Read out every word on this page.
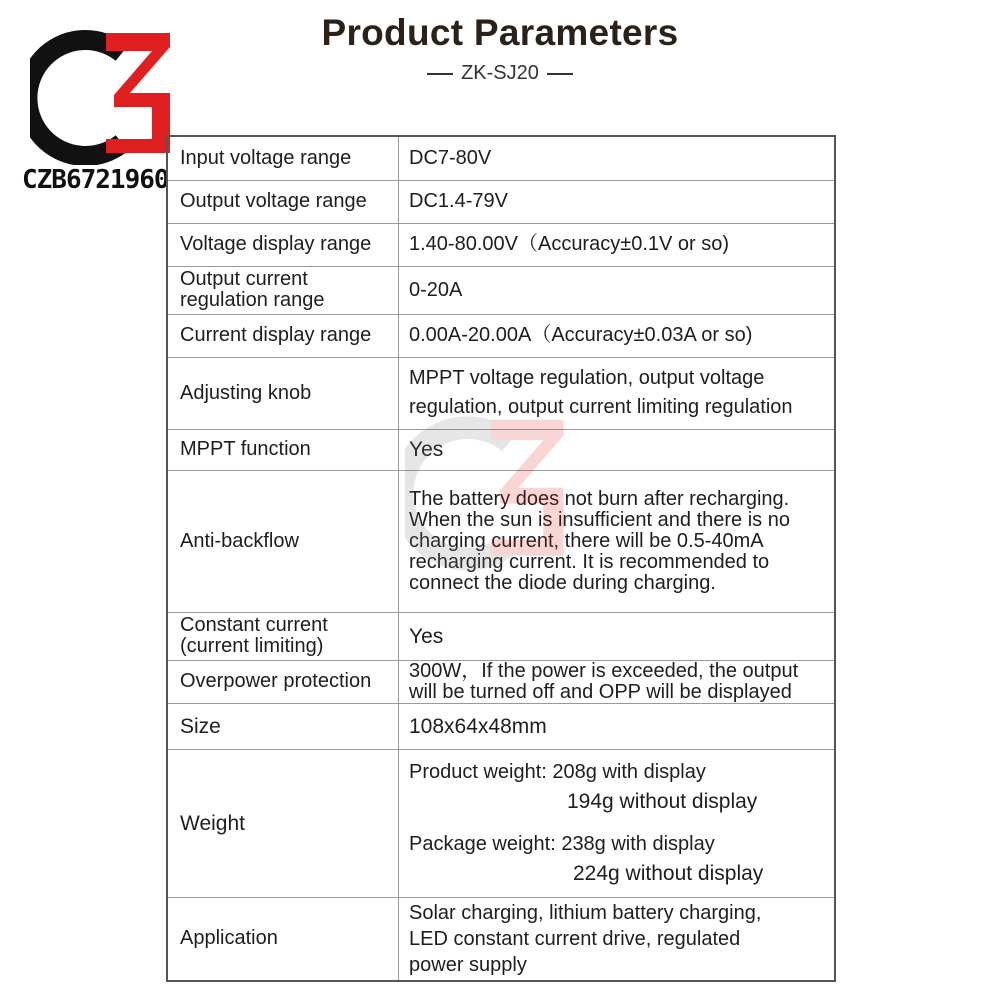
CZB6721960
Product Parameters
ZK-SJ20
Input voltage range	DC7-80V
Output voltage range	DC1.4-79V
Voltage display range	1.40-80.00V（Accuracy±0.1V or so)

Output current
regulation range	0-20A
Current display range	0.00A-20.00A（Accuracy±0.03A or so)
Adjusting knob	MPPT voltage regulation, output voltage
regulation, output current limiting regulation

MPPT function	Yes
Anti-backflow	The battery does not burn after recharging.
When the sun is insufficient and there is no
charging current, there will be 0.5-40mA
recharging current. It is recommended to
connect the diode during charging.

Constant current
(current limiting)	Yes
Overpower protection	300W，If the power is exceeded, the output
will be turned off and OPP will be displayed

Size	108x64x48mm
Weight	Product weight: 208g with display
194g without display
Package weight: 238g with display
224g without display

Application	Solar charging, lithium battery charging,
LED constant current drive, regulated
power supply
